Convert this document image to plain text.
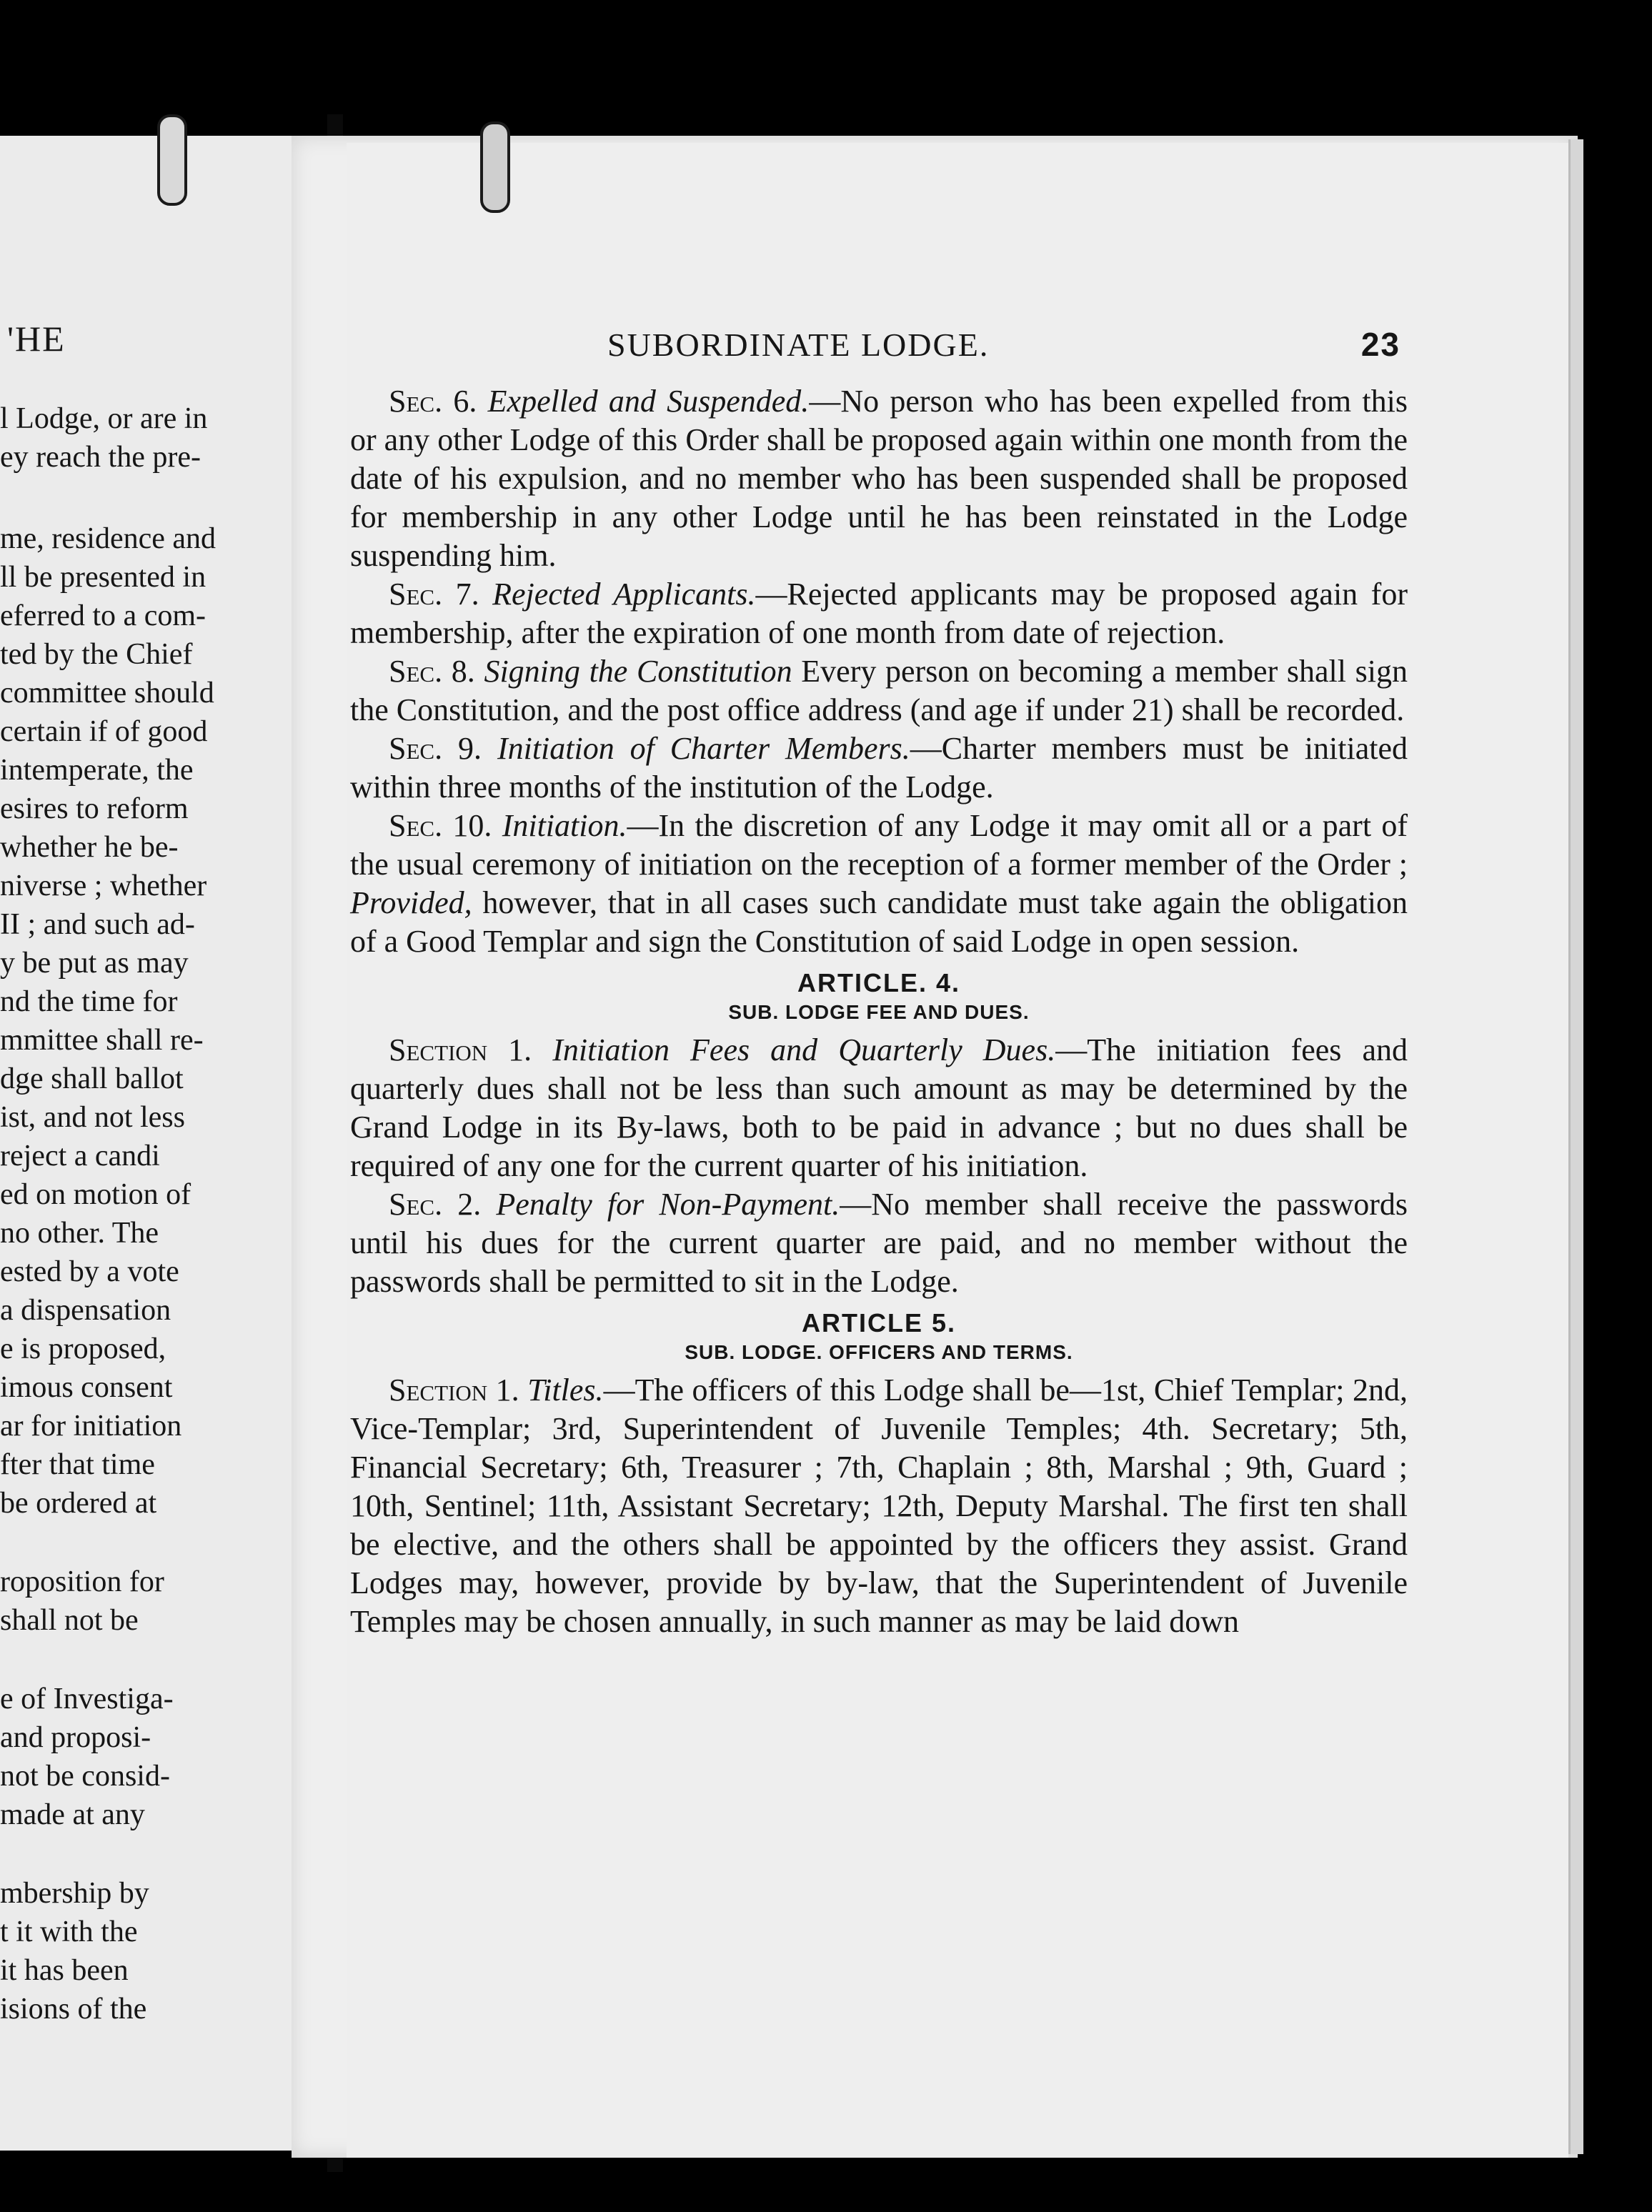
'HE
l Lodge, or are in
ey reach the pre-
me, residence and
ll be presented in
eferred to a com-
ted by the Chief
committee should
certain if of good
intemperate, the
esires to reform
whether he be-
niverse ; whether
II ; and such ad-
y be put as may
nd the time for
mmittee shall re-
dge shall ballot
ist, and not less
reject a candi
ed on motion of
no other. The
ested by a vote
a dispensation
e is proposed,
imous consent
ar for initiation
fter that time
be ordered at
roposition for
shall not be
e of Investiga-
and proposi-
not be consid-
made at any
mbership by
t it with the
it has been
isions of the
SUBORDINATE LODGE.	23

Sec. 6. Expelled and Suspended.—No person who has been expelled from this or any other Lodge of this Order shall be proposed again within one month from the date of his expulsion, and no member who has been suspended shall be proposed for membership in any other Lodge until he has been reinstated in the Lodge suspending him.

Sec. 7. Rejected Applicants.—Rejected applicants may be proposed again for membership, after the expiration of one month from date of rejection.

Sec. 8. Signing the Constitution Every person on becoming a member shall sign the Constitution, and the post office address (and age if under 21) shall be recorded.

Sec. 9. Initiation of Charter Members.—Charter members must be initiated within three months of the institution of the Lodge.

Sec. 10. Initiation.—In the discretion of any Lodge it may omit all or a part of the usual ceremony of initiation on the reception of a former member of the Order ; Provided, however, that in all cases such candidate must take again the obligation of a Good Templar and sign the Constitution of said Lodge in open session.

ARTICLE. 4.
SUB. LODGE FEE AND DUES.

Section 1. Initiation Fees and Quarterly Dues.—The initiation fees and quarterly dues shall not be less than such amount as may be determined by the Grand Lodge in its By-laws, both to be paid in advance ; but no dues shall be required of any one for the current quarter of his initiation.

Sec. 2. Penalty for Non-Payment.—No member shall receive the passwords until his dues for the current quarter are paid, and no member without the passwords shall be permitted to sit in the Lodge.

ARTICLE 5.
SUB. LODGE. OFFICERS AND TERMS.

Section 1. Titles.—The officers of this Lodge shall be—1st, Chief Templar; 2nd, Vice-Templar; 3rd, Superintendent of Juvenile Temples; 4th. Secretary; 5th, Financial Secretary; 6th, Treasurer ; 7th, Chaplain ; 8th, Marshal ; 9th, Guard ; 10th, Sentinel; 11th, Assistant Secretary; 12th, Deputy Marshal. The first ten shall be elective, and the others shall be appointed by the officers they assist. Grand Lodges may, however, provide by by-law, that the Superintendent of Juvenile Temples may be chosen annually, in such manner as may be laid down
